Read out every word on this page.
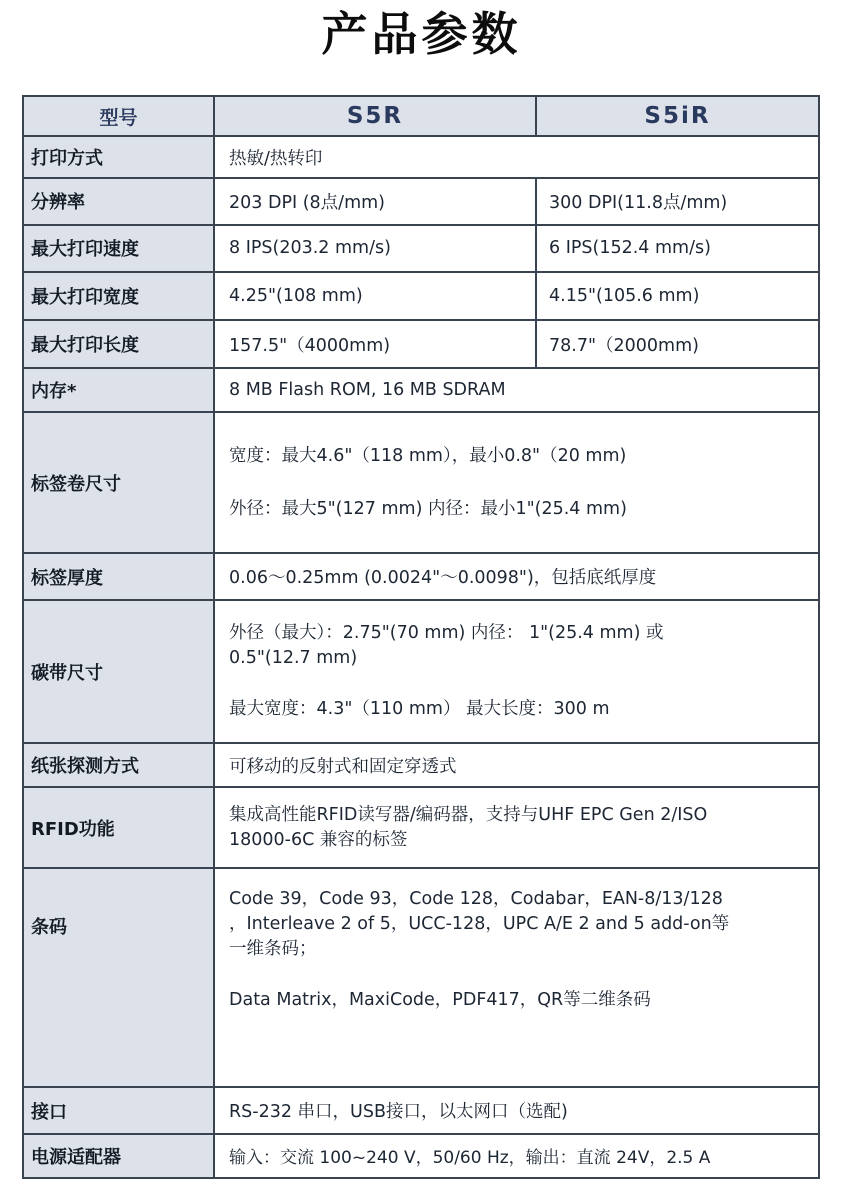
产品参数
型号	S5R	S5iR
打印方式	热敏/热转印	
分辨率	203 DPI (8点/mm)	300 DPI(11.8点/mm)
最大打印速度	8 IPS(203.2 mm/s)	6 IPS(152.4 mm/s)
最大打印宽度	4.25"(108 mm)	4.15"(105.6 mm)
最大打印长度	157.5"（4000mm)	78.7"（2000mm)
内存*	8 MB Flash ROM, 16 MB SDRAM	
标签卷尺寸	宽度：最大4.6"（118 mm），最小0.8"（20 mm)
外径：最大5"(127 mm) 内径：最小1"(25.4 mm)	

标签厚度	0.06～0.25mm (0.0024"～0.0098")，包括底纸厚度	
碳带尺寸	外径（最大）：2.75"(70 mm) 内径： 1"(25.4 mm) 或
0.5"(12.7 mm)
最大宽度：4.3"（110 mm） 最大长度：300 m	

纸张探测方式	可移动的反射式和固定穿透式	
RFID功能	集成高性能RFID读写器/编码器，支持与UHF EPC Gen 2/ISO
18000-6C 兼容的标签	

条码	Code 39，Code 93，Code 128，Codabar，EAN-8/13/128
，Interleave 2 of 5，UCC-128，UPC A/E 2 and 5 add-on等
一维条码；
Data Matrix，MaxiCode，PDF417，QR等二维条码	

接口	RS-232 串口，USB接口，以太网口（选配)	
电源适配器	输入：交流 100~240 V，50/60 Hz，输出：直流 24V，2.5 A	
